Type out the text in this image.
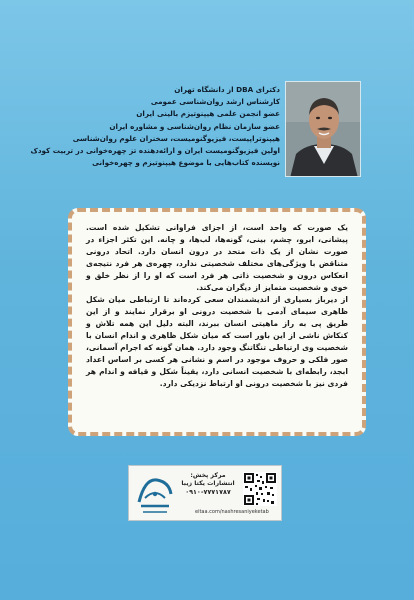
دکترای DBA از دانشگاه تهران
کارشناس ارشد روان‌شناسی عمومی
عضو انجمن علمی هیپنوتیزم بالینی ایران
عضو سازمان نظام روان‌شناسی و مشاوره ایران
هیپنوتراپیست، فیزیوگنومیست، سخنران علوم روان‌شناسی
اولین فیزیوگنومیست ایران و ارائه‌دهنده تز چهره‌خوانی در تربیت کودک
نویسنده کتاب‌هایی با موضوع هیپنوتیزم و چهره‌خوانی

یک صورت که واحد است، از اجزای فراوانی تشکیل شده است. پیشانی، ابرو، چشم، بینی، گونه‌ها، لب‌ها، و چانه. این تکثر اجزاء در صورت نشان از یک ذات متحد در درون انسان دارد. اتحاد درونی متناقض با ویژگی‌های مختلف شخصیتی ندارد، چهره‌ی هر فرد نتیجه‌ی انعکاس درون و شخصیت ذاتی هر فرد است که او را از نظر خلق و خوی و شخصیت متمایز از دیگران می‌کند.

از دیرباز بسیاری از اندیشمندان سعی کرده‌اند تا ارتباطی میان شکل ظاهری سیمای آدمی با شخصیت درونی او برقرار نمایند و از این طریق پی به راز ماهیتی انسان ببرند، البته دلیل این همه تلاش و کنکاش ناشی از این باور است که میان شکل ظاهری و اندام انسان با شخصیت وی ارتباطی تنگاتنگ وجود دارد. همان گونه که اجرام آسمانی، صور فلکی و حروف موجود در اسم و نشانی هر کسی بر اساس اعداد ابجد، رابطه‌ای با شخصیت انسانی دارد، یقیناً شکل و قیافه و اندام هر فردی نیز با شخصیت درونی او ارتباط نزدیکی دارد.

مرکز پخش:
انتشارات یکتا زیبا
۰۹۱۰-۷۷۷۱۷۸۷
eitaa.com/nashresaniyeketab
